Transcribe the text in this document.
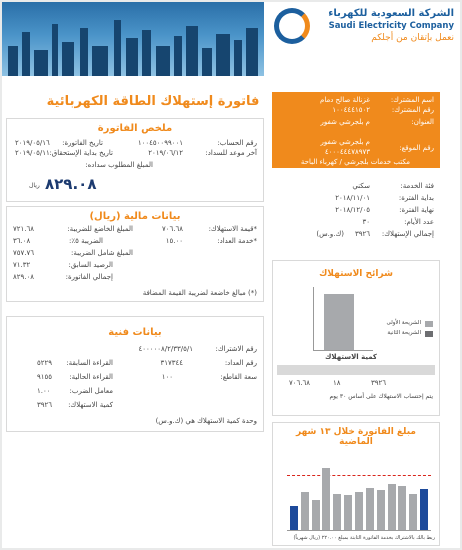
الشركة السعودية للكهرباء
Saudi Electricity Company
نعمل بإتقان من أجلكم
فاتورة إستهلاك الطاقة الكهربائية	اسم المشترك:
غزنالة صالح دمام
رقم المشترك:
١٠٠٤٤٤١٥٠٢
العنوان:
م بلجرشي شفور
م بلجرشي شفور
رقم الموقع:
٤٠٠٠٤٤٤٧٨٩٧٣
مكتب خدمات بلجرشي / كهرباء الباحة
فئة الخدمة:
سكني
بداية الفترة:
٢٠١٨/١١/٠١
نهاية الفترة:
٢٠١٨/١٢/٠٥
عدد الأيام:
٣٠
إجمالي الإستهلاك:
٣٩٢٦
(ك.و.س)
ملخص الفاتورة
رقم الحساب:
١٠٠٤٥٠٠٩٩٠٠١
آخر موعد للسداد:
٢٠١٩/٠٦/١٢
تاريخ الفاتورة:
٢٠١٩/٠٥/١٦
تاريخ بداية الإستحقاق:
٢٠١٩/٠٥/١١
المبلغ المطلوب سداده:
٨٢٩.٠٨
ريال
بيانات مالية (ريال)
*قيمة الاستهلاك:
٧٠٦.٦٨
*خدمة العداد:
١٥.٠٠
المبلغ الخاضع للضريبة:
٧٢١.٦٨
الضريبة ٥٪:
٣٦.٠٨
المبلغ شامل الضريبة:
٧٥٧.٧٦
الرصيد السابق:
٧١.٣٢
إجمالي الفاتورة:
٨٢٩.٠٨
(*) مبالغ خاضعة لضريبة القيمة المضافة
بيانات فنية
رقم الاشتراك:
٤٠٠٠٠٠٨/٢/٣٣/٥/١
رقم العداد:
٣١٧٣٤٤
سعة القاطع:
١٠٠
القراءة السابقة:
٥٢٢٩
القراءة الحالية:
٩١٥٥
معامل الضرب:
١.٠٠
كمية الاستهلاك:
٣٩٢٦
وحدة كمية الاستهلاك هي (ك.و.س)
شرائح الاستهلاك
كمية الاستهلاك
الشريحة الأولى
الشريحة الثانية
٧٠٦.٦٨	١٨	٣٩٢٦
يتم إحتساب الاستهلاك على أساس ٣٠ يوم
مبلغ الفاتورة خلال ١٣ شهر الماضية
ربط بالك بالاشتراك بخدمة الفاتورة الثابتة بمبلغ ٢٢٠.٠٠ (ريال شهرياً)
